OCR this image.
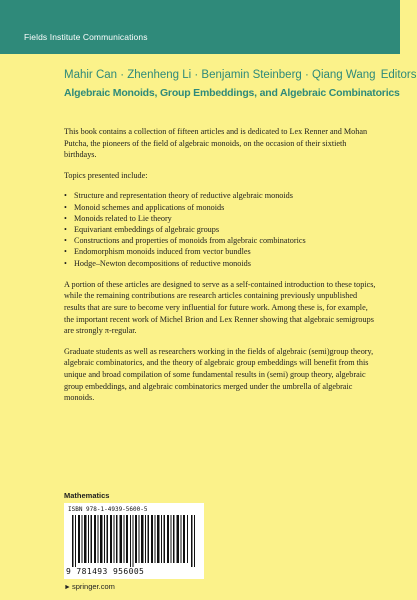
Fields Institute Communications
Mahir Can · Zhenheng Li · Benjamin Steinberg · Qiang Wang Editors
Algebraic Monoids, Group Embeddings, and Algebraic Combinatorics

This book contains a collection of fifteen articles and is dedicated to Lex Renner and Mohan Putcha, the pioneers of the field of algebraic monoids, on the occasion of their sixtieth birthdays.

Topics presented include:

• Structure and representation theory of reductive algebraic monoids
• Monoid schemes and applications of monoids
• Monoids related to Lie theory
• Equivariant embeddings of algebraic groups
• Constructions and properties of monoids from algebraic combinatorics
• Endomorphism monoids induced from vector bundles
• Hodge–Newton decompositions of reductive monoids

A portion of these articles are designed to serve as a self-contained introduction to these topics, while the remaining contributions are research articles containing previously unpublished results that are sure to become very influential for future work. Among these is, for example, the important recent work of Michel Brion and Lex Renner showing that algebraic semigroups are strongly π-regular.

Graduate students as well as researchers working in the fields of algebraic (semi)group theory, algebraic combinatorics, and the theory of algebraic group embeddings will benefit from this unique and broad compilation of some fundamental results in (semi) group theory, algebraic group embeddings, and algebraic combinatorics merged under the umbrella of algebraic monoids.

Mathematics
ISBN 978-1-4939-5600-5
9 781493 956005
►springer.com
